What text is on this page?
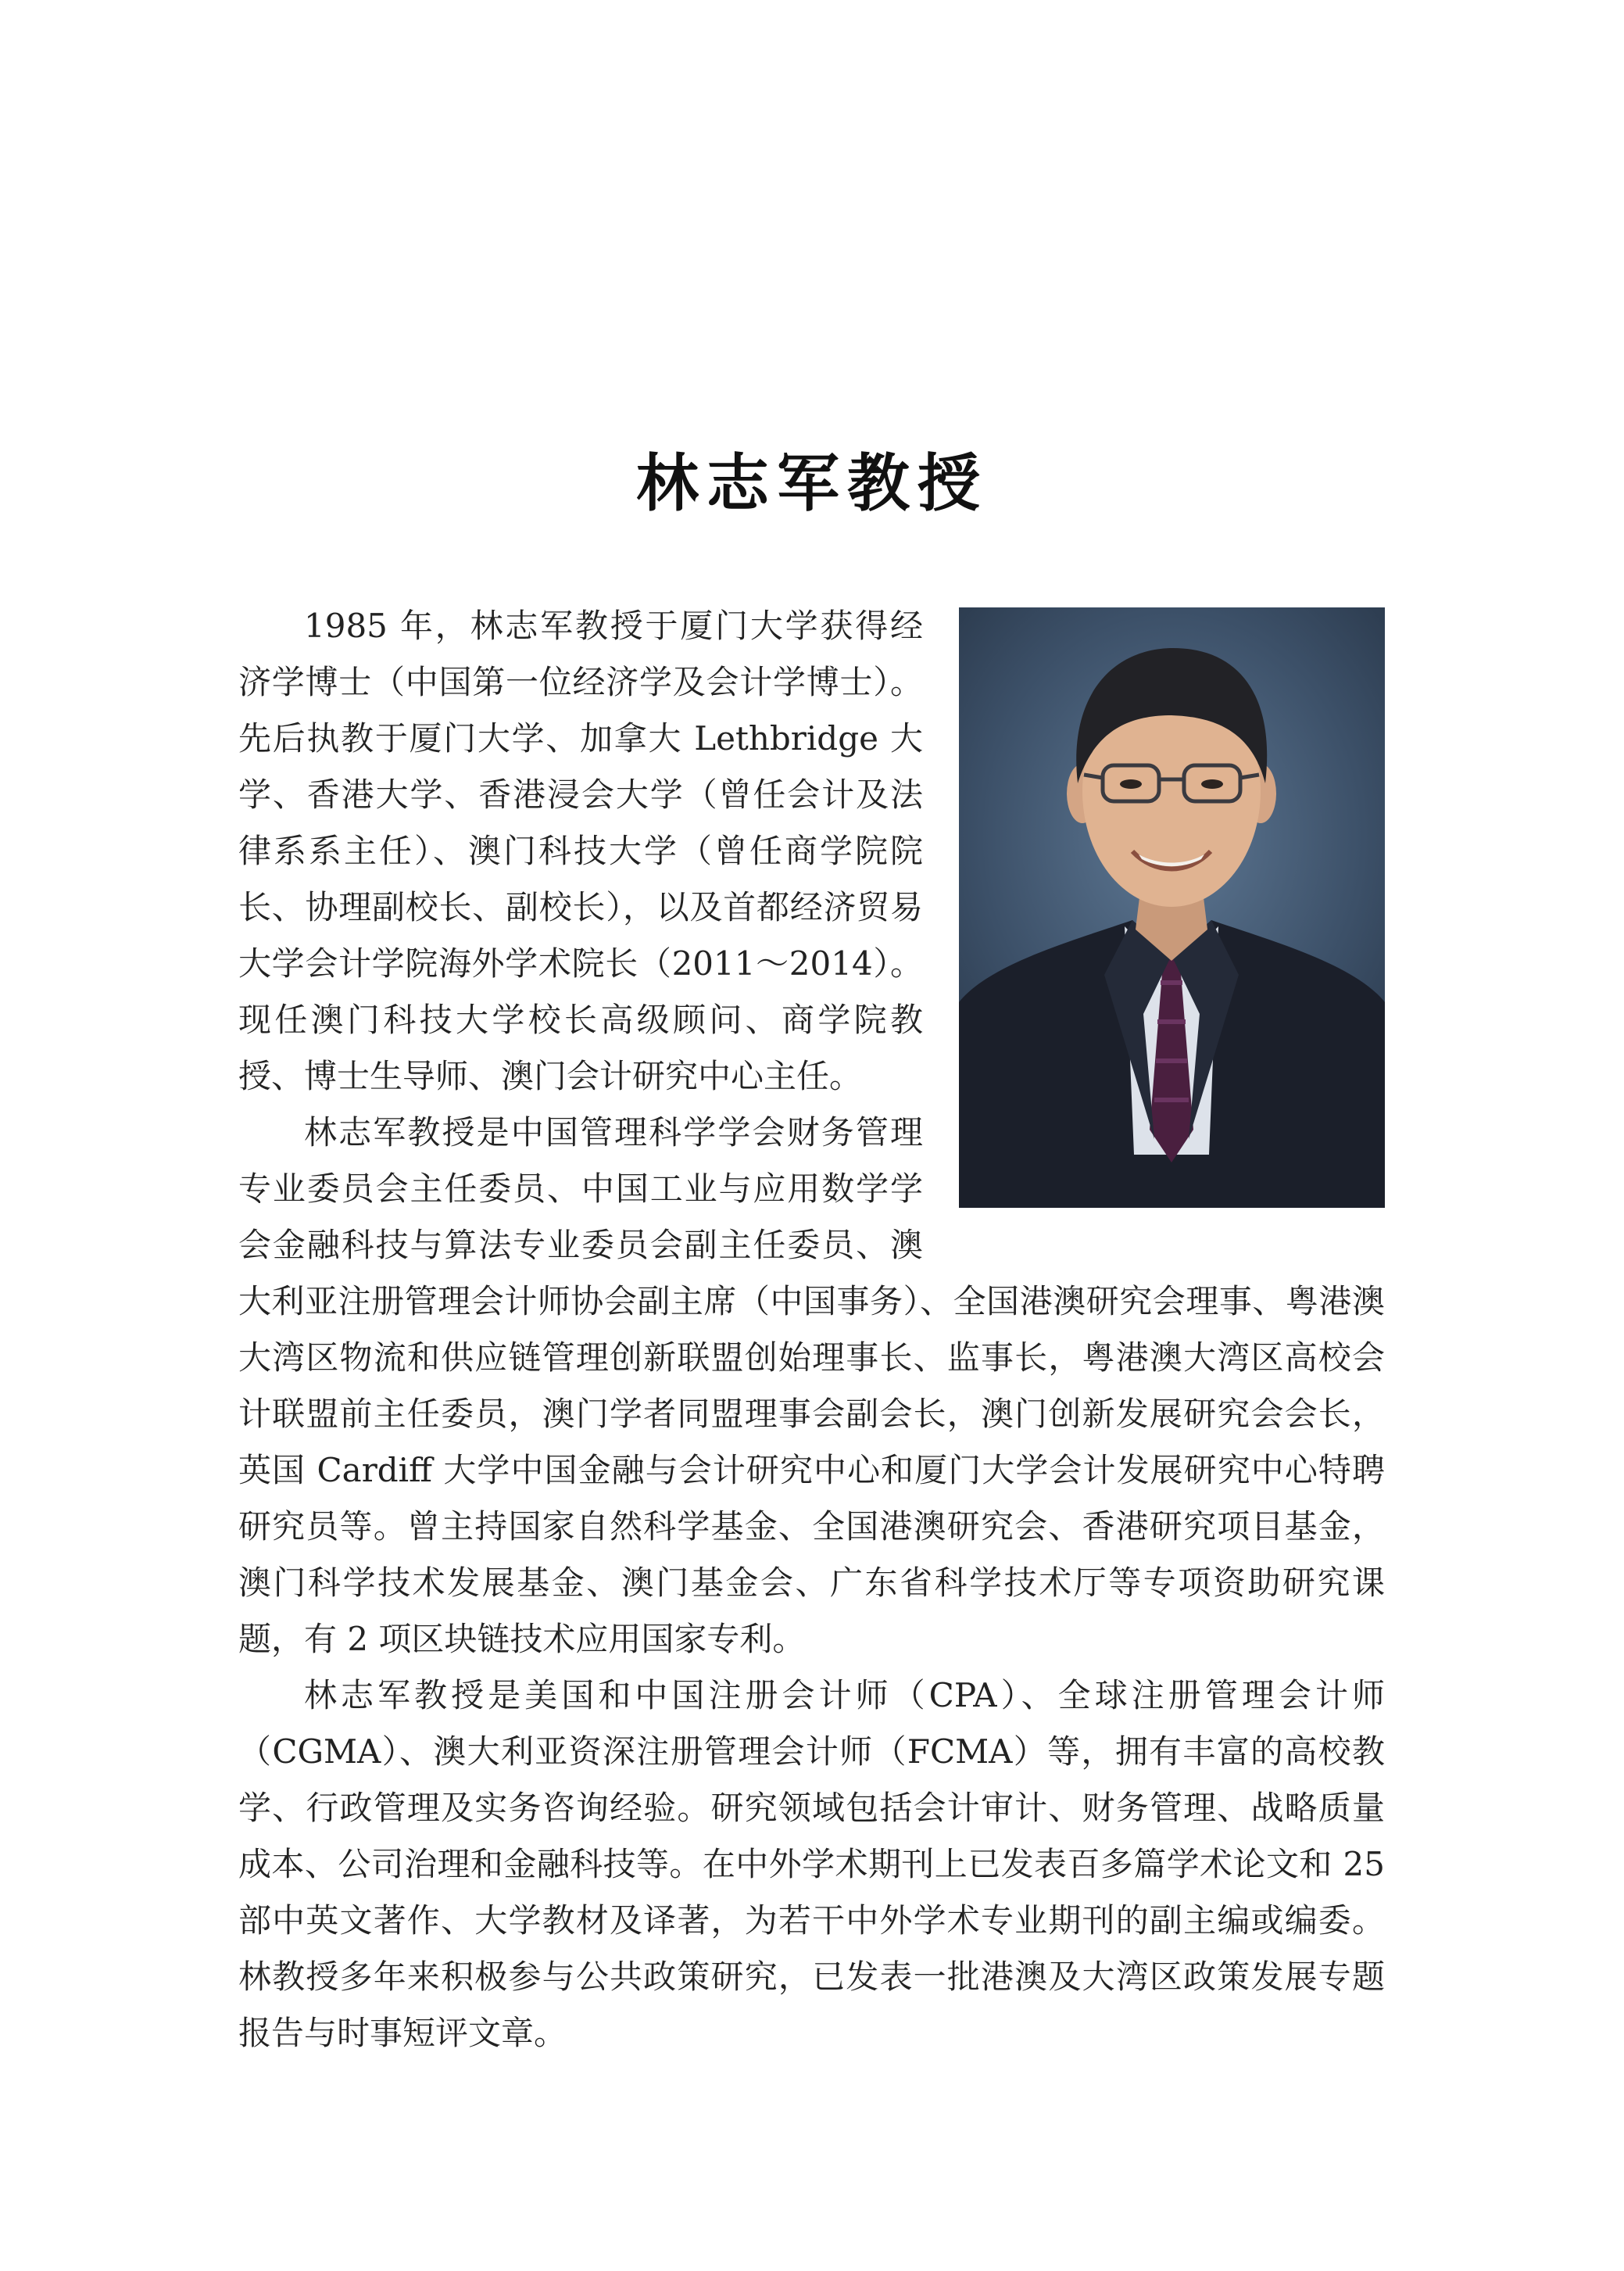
林志军教授

1985 年，林志军教授于厦门大学获得经济学博士（中国第一位经济学及会计学博士）。先后执教于厦门大学、加拿大 Lethbridge 大学、香港大学、香港浸会大学（曾任会计及法律系系主任）、澳门科技大学（曾任商学院院长、协理副校长、副校长），以及首都经济贸易大学会计学院海外学术院长（2011～2014）。现任澳门科技大学校长高级顾问、商学院教授、博士生导师、澳门会计研究中心主任。

林志军教授是中国管理科学学会财务管理专业委员会主任委员、中国工业与应用数学学会金融科技与算法专业委员会副主任委员、澳大利亚注册管理会计师协会副主席（中国事务）、全国港澳研究会理事、粤港澳大湾区物流和供应链管理创新联盟创始理事长、监事长，粤港澳大湾区高校会计联盟前主任委员，澳门学者同盟理事会副会长，澳门创新发展研究会会长，英国 Cardiff 大学中国金融与会计研究中心和厦门大学会计发展研究中心特聘研究员等。曾主持国家自然科学基金、全国港澳研究会、香港研究项目基金，澳门科学技术发展基金、澳门基金会、广东省科学技术厅等专项资助研究课题，有 2 项区块链技术应用国家专利。

林志军教授是美国和中国注册会计师（CPA）、全球注册管理会计师（CGMA）、澳大利亚资深注册管理会计师（FCMA）等，拥有丰富的高校教学、行政管理及实务咨询经验。研究领域包括会计审计、财务管理、战略质量成本、公司治理和金融科技等。在中外学术期刊上已发表百多篇学术论文和 25 部中英文著作、大学教材及译著，为若干中外学术专业期刊的副主编或编委。林教授多年来积极参与公共政策研究，已发表一批港澳及大湾区政策发展专题报告与时事短评文章。
